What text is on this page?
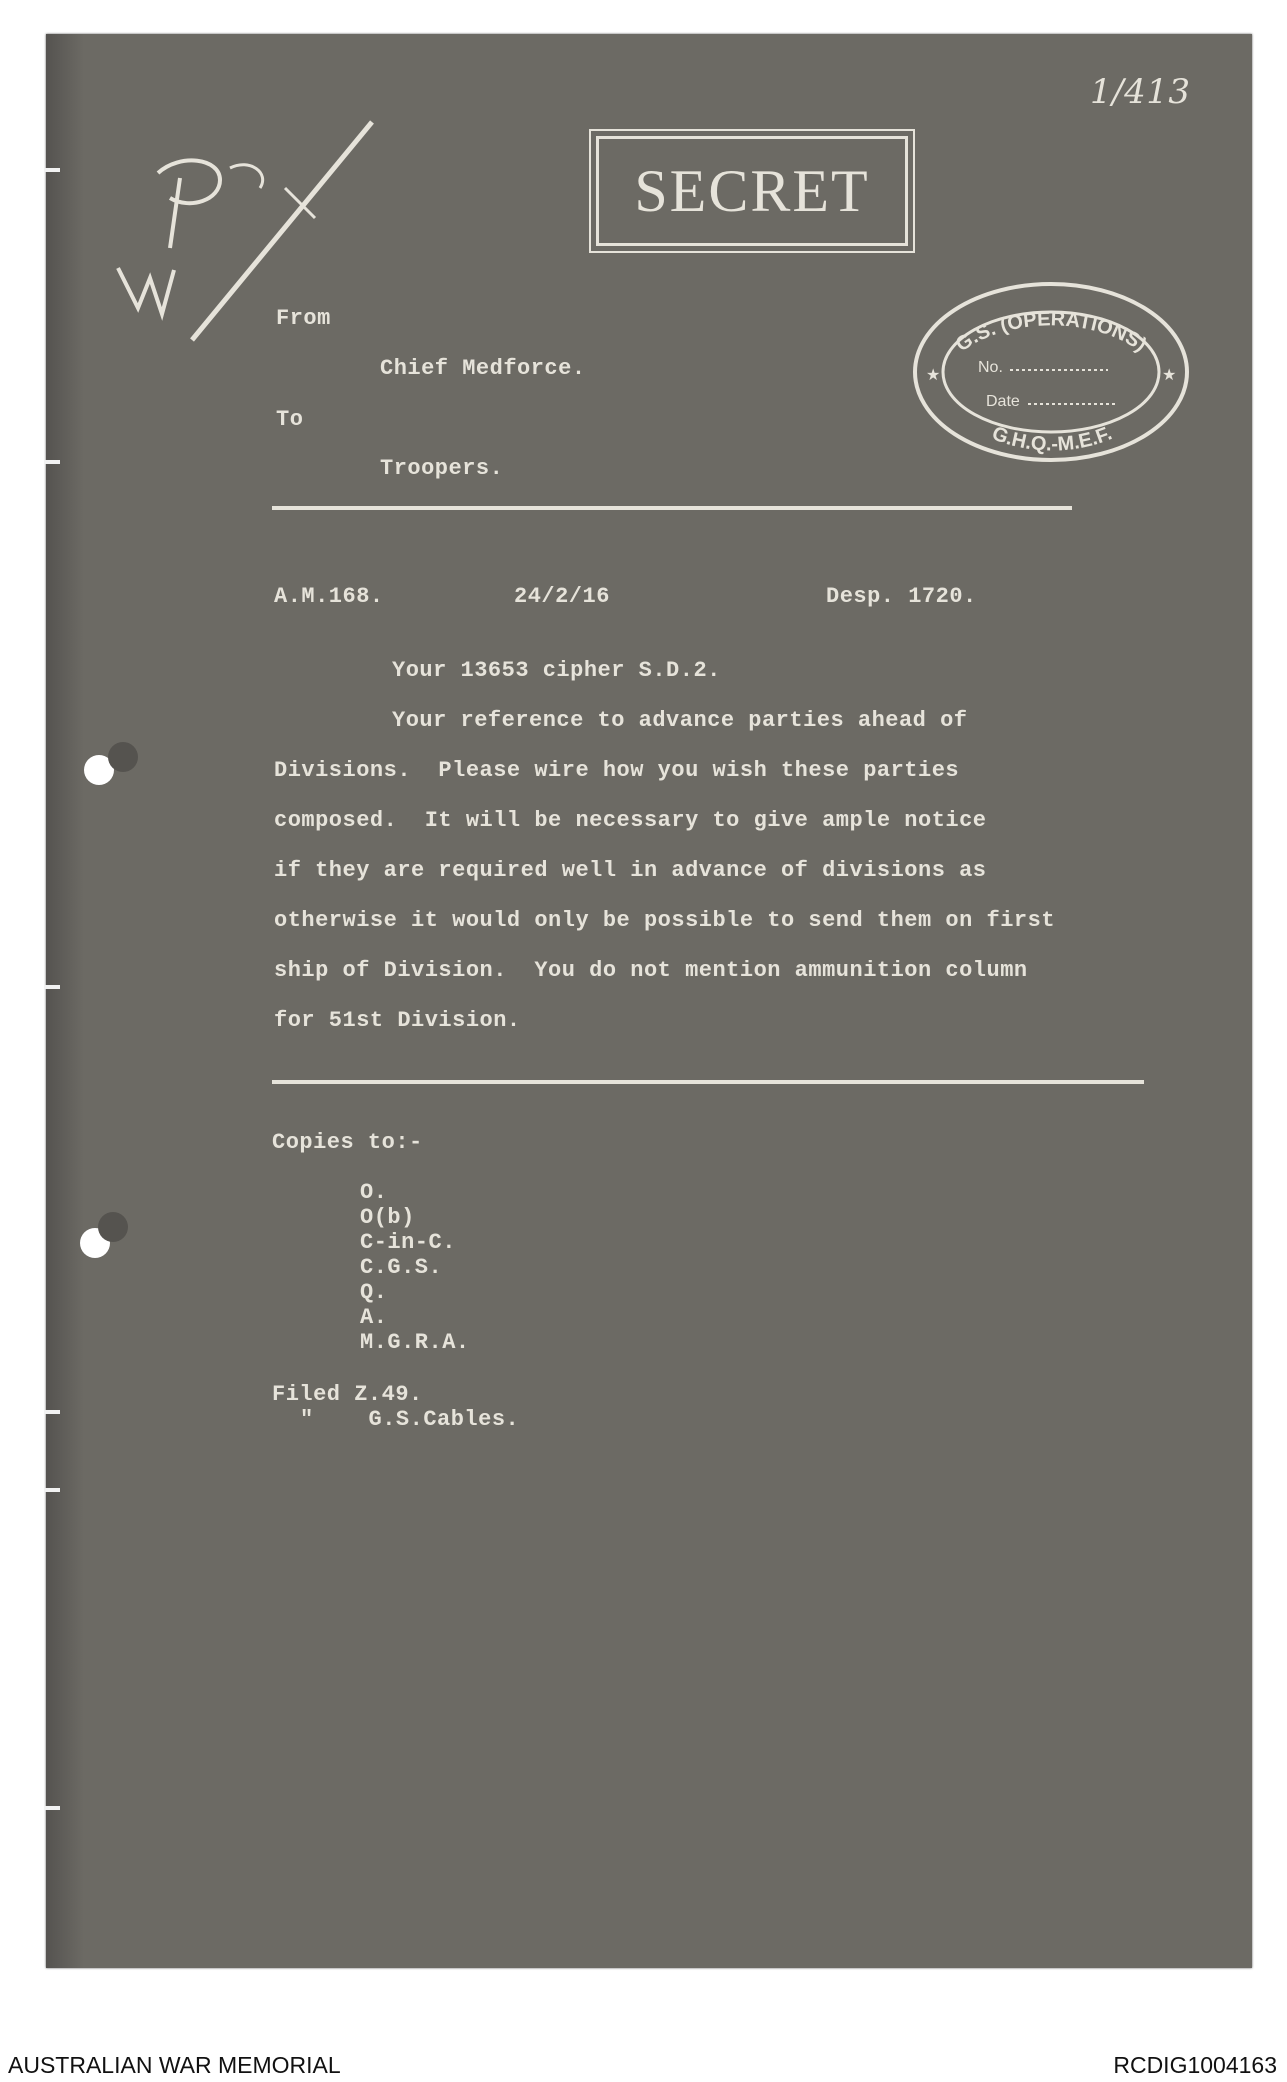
1/413
SECRET
G.S. (OPERATIONS)
G.H.Q.-M.E.F.
No.
Date
★	★
From
Chief Medforce.
To
Troopers.
A.M.168.	24/2/16	Desp. 1720.
Your 13653 cipher S.D.2.
Your reference to advance parties ahead of
Divisions.  Please wire how you wish these parties
composed.  It will be necessary to give ample notice
if they are required well in advance of divisions as
otherwise it would only be possible to send them on first
ship of Division.  You do not mention ammunition column
for 51st Division.
Copies to:-
O.
O(b)
C-in-C.
C.G.S.
Q.
A.
M.G.R.A.
Filed Z.49.
"    G.S.Cables.
AUSTRALIAN WAR MEMORIAL	RCDIG1004163
